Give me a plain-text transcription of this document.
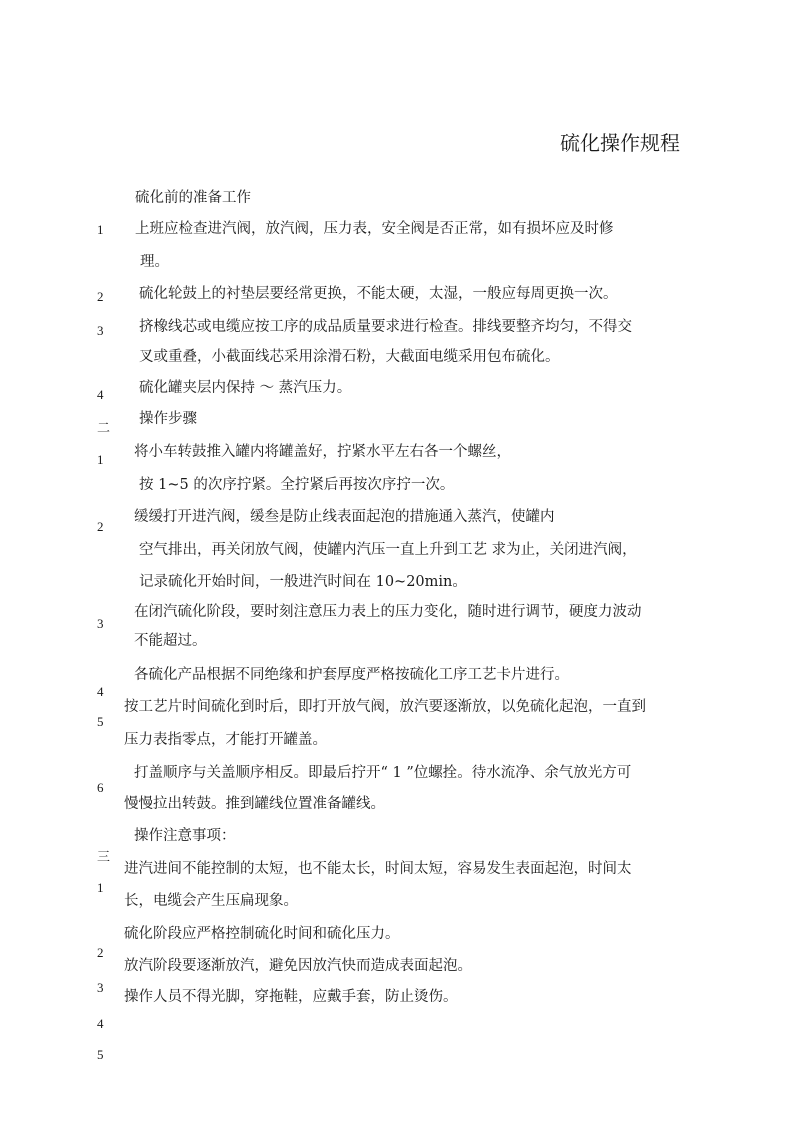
硫化操作规程
硫化前的准备工作
1 上班应检查进汽阀，放汽阀，压力表，安全阀是否正常，如有损坏应及时修
理。
2 硫化轮鼓上的衬垫层要经常更换，不能太硬，太湿，一般应每周更换一次。
3 挤橡线芯或电缆应按工序的成品质量要求进行检查。排线要整齐均匀，不得交
叉或重叠，小截面线芯采用涂滑石粉，大截面电缆采用包布硫化。
4 硫化罐夹层内保持 ～ 蒸汽压力。
二
操作步骤
1 将小车转鼓推入罐内将罐盖好，拧紧水平左右各一个螺丝，
按 1~5 的次序拧紧。全拧紧后再按次序拧一次。
2
缓缓打开进汽阀，缓叁是防止线表面起泡的措施通入蒸汽，使罐内
空气排出，再关闭放气阀，使罐内汽压一直上升到工艺 求为止，关闭进汽阀，
记录硫化开始时间，一般进汽时间在 10~20min。
3
在闭汽硫化阶段，要时刻注意压力表上的压力变化，随时进行调节，硬度力波动
不能超过。
4
各硫化产品根据不同绝缘和护套厚度严格按硫化工序工艺卡片进行。
5
按工艺片时间硫化到时后，即打开放气阀，放汽要逐渐放，以免硫化起泡，一直到
压力表指零点，才能打开罐盖。
6
打盖顺序与关盖顺序相反。即最后拧开“ 1 ”位螺拴。待水流净、余气放光方可
慢慢拉出转鼓。推到罐线位置准备罐线。
操作注意事项：
三
1
进汽进间不能控制的太短，也不能太长，时间太短，容易发生表面起泡，时间太
长，电缆会产生压扁现象。
2
硫化阶段应严格控制硫化时间和硫化压力。
3
放汽阶段要逐渐放汽，避免因放汽快而造成表面起泡。
4
操作人员不得光脚，穿拖鞋，应戴手套，防止烫伤。
5
